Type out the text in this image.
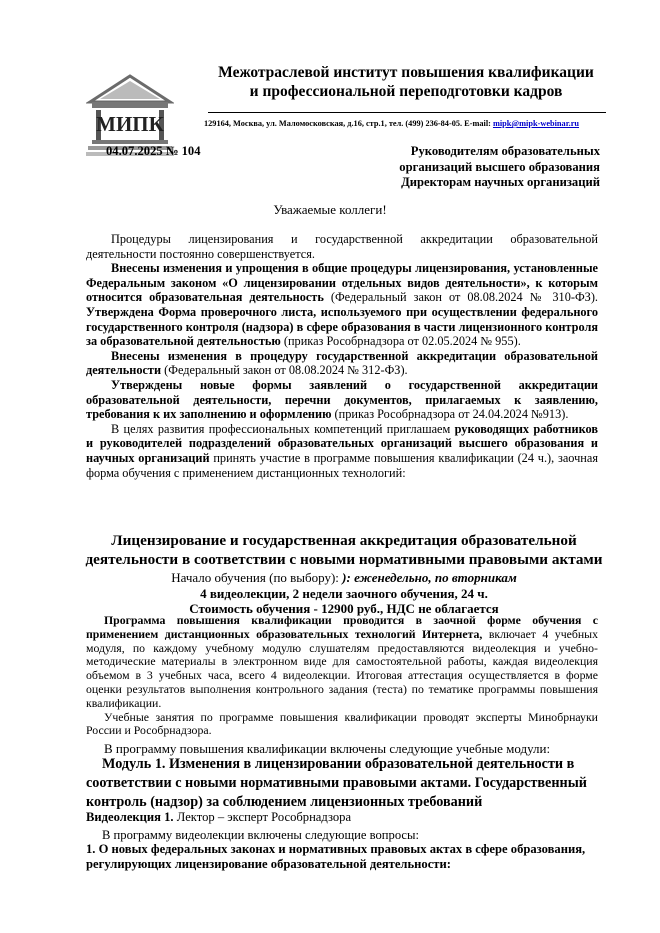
МИПК
Межотраслевой институт повышения квалификации
и профессиональной переподготовки кадров
129164, Москва, ул. Маломосковская, д.16, стр.1, тел. (499) 236-84-05. E-mail: mipk@mipk-webinar.ru
04.07.2025 № 104	Руководителям образовательных
организаций высшего образования
Директорам научных организаций
Уважаемые коллеги!

Процедуры лицензирования и государственной аккредитации образовательной деятельности постоянно совершенствуется.

Внесены изменения и упрощения в общие процедуры лицензирования, установленные Федеральным законом «О лицензировании отдельных видов деятельности», к которым относится образовательная деятельность (Федеральный закон от 08.08.2024 № 310-ФЗ). Утверждена Форма проверочного листа, используемого при осуществлении федерального государственного контроля (надзора) в сфере образования в части лицензионного контроля за образовательной деятельностью (приказ Рособрнадзора от 02.05.2024 № 955).

Внесены изменения в процедуру государственной аккредитации образовательной деятельности (Федеральный закон от 08.08.2024 № 312-ФЗ).

Утверждены новые формы заявлений о государственной аккредитации образовательной деятельности, перечни документов, прилагаемых к заявлению, требования к их заполнению и оформлению (приказ Рособрнадзора от 24.04.2024 №913).

В целях развития профессиональных компетенций приглашаем руководящих работников и руководителей подразделений образовательных организаций высшего образования и научных организаций принять участие в программе повышения квалификации (24 ч.), заочная форма обучения с применением дистанционных технологий:

Лицензирование и государственная аккредитация образовательной деятельности в соответствии с новыми нормативными правовыми актами
Начало обучения (по выбору): ): еженедельно, по вторникам
4 видеолекции, 2 недели заочного обучения, 24 ч.
Стоимость обучения - 12900 руб., НДС не облагается

Программа повышения квалификации проводится в заочной форме обучения с применением дистанционных образовательных технологий Интернета, включает 4 учебных модуля, по каждому учебному модулю слушателям предоставляются видеолекция и учебно-методические материалы в электронном виде для самостоятельной работы, каждая видеолекция объемом в 3 учебных часа, всего 4 видеолекции. Итоговая аттестация осуществляется в форме оценки результатов выполнения контрольного задания (теста) по тематике программы повышения квалификации.

Учебные занятия по программе повышения квалификации проводят эксперты Минобрнауки России и Рособрнадзора.

В программу повышения квалификации включены следующие учебные модули:
Модуль 1. Изменения в лицензировании образовательной деятельности в соответствии с новыми нормативными правовыми актами. Государственный контроль (надзор) за соблюдением лицензионных требований
Видеолекция 1. Лектор – эксперт Рособрнадзора
В программу видеолекции включены следующие вопросы:
1. О новых федеральных законах и нормативных правовых актах в сфере образования, регулирующих лицензирование образовательной деятельности:
